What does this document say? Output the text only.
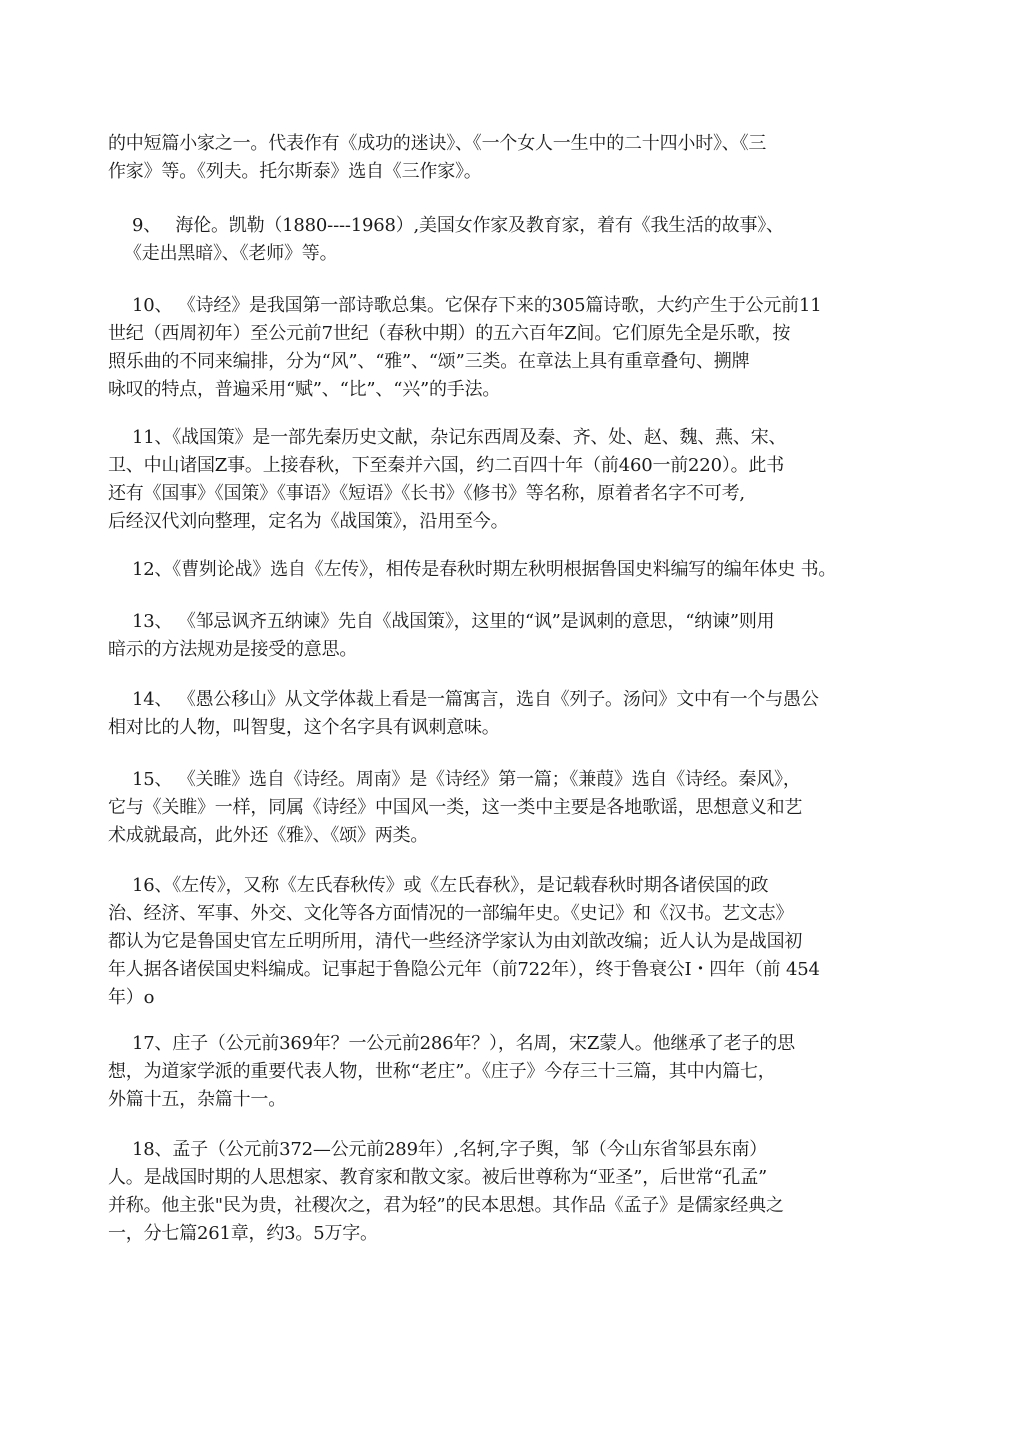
的中短篇小家之一。代表作有《成功的迷诀》、《一个女人一生中的二十四小时》、《三
作家》等。《列夫。托尔斯泰》选自《三作家》。
9、　 海伦。凯勒（1880----1968）,美国女作家及教育家，着有《我生活的故事》、
《走出黑暗》、《老师》等。
10、 《诗经》是我国第一部诗歌总集。它保存下来的305篇诗歌，大约产生于公元前11
世纪（西周初年）至公元前7世纪（春秋中期）的五六百年Z间。它们原先全是乐歌，按
照乐曲的不同来编排，分为“风”、“雅”、“颂”三类。在章法上具有重章叠句、搠牌
咏叹的特点，普遍采用“赋”、“比”、“兴”的手法。
11、《战国策》是一部先秦历史文献，杂记东西周及秦、齐、处、赵、魏、燕、宋、
卫、中山诸国Z事。上接春秋，下至秦并六国，约二百四十年（前460一前220）。此书
还有《国事》《国策》《事语》《短语》《长书》《修书》等名称，原着者名字不可考,
后经汉代刘向整理，定名为《战国策》，沿用至今。
12、《曹刿论战》选自《左传》，相传是春秋时期左秋明根据鲁国史料编写的编年体史 书。
13、 《邹忌讽齐五纳谏》先自《战国策》，这里的“讽”是讽刺的意思，“纳谏”则用
暗示的方法规劝是接受的意思。
14、 《愚公移山》从文学体裁上看是一篇寓言，选自《列子。汤问》文中有一个与愚公
相对比的人物，叫智叟，这个名字具有讽刺意味。
15、 《关睢》选自《诗经。周南》是《诗经》第一篇；《兼葭》选自《诗经。秦风》，
它与《关睢》一样，同属《诗经》中国风一类，这一类中主要是各地歌谣，思想意义和艺
术成就最高，此外还《雅》、《颂》两类。
16、《左传》，又称《左氏春秋传》或《左氏春秋》，是记载春秋时期各诸侯国的政
治、经济、军事、外交、文化等各方面情况的一部编年史。《史记》和《汉书。艺文志》
都认为它是鲁国史官左丘明所用，清代一些经济学家认为由刘歆改编；近人认为是战国初
年人据各诸侯国史料编成。记事起于鲁隐公元年（前722年），终于鲁衰公I・四年（前 454
年）o
17、庄子（公元前369年？一公元前286年？），名周，宋Z蒙人。他继承了老子的思
想，为道家学派的重要代表人物，世称“老庄”。《庄子》今存三十三篇，其中内篇七，
外篇十五，杂篇十一。
18、孟子（公元前372—公元前289年）,名轲,字子舆，邹（今山东省邹县东南）
人。是战国时期的人思想家、教育家和散文家。被后世尊称为“亚圣”，后世常“孔孟”
并称。他主张"民为贵，社稷次之，君为轻”的民本思想。其作品《孟子》是儒家经典之
一，分七篇261章，约3。5万字。
